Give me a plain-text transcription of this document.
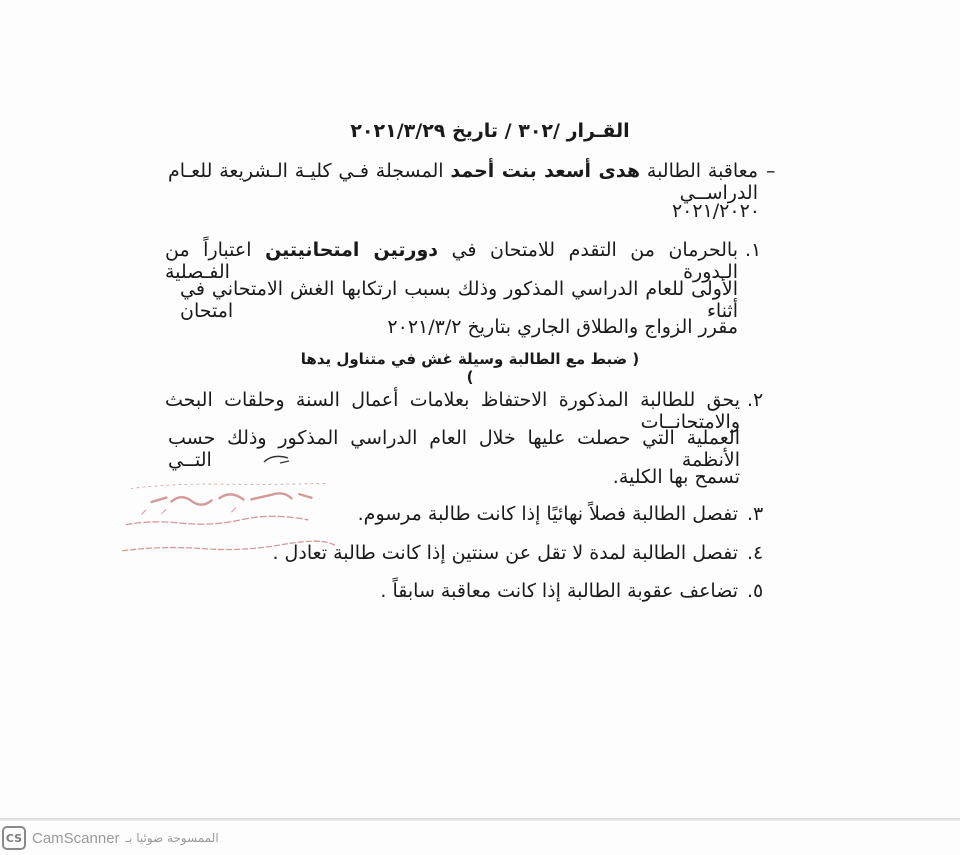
القـرار /٣٠٢ / تاريخ ٢٠٢١/٣/٢٩
–
معاقبة الطالبة هدى أسعد بنت أحمد المسجلة فـي كليـة الـشريعة للعـام الدراســي
٢٠٢١/٢٠٢٠
١.
بالحرمان من التقدم للامتحان في دورتين امتحانيتين اعتباراً من الـدورة الفـصلية
الأولى للعام الدراسي المذكور وذلك بسبب ارتكابها الغش الامتحاني في أثناء امتحان
مقرر الزواج والطلاق الجاري بتاريخ ٢٠٢١/٣/٢
( ضبط مع الطالبة وسيلة غش في متناول يدها )
٢.
يحق للطالبة المذكورة الاحتفاظ بعلامات أعمال السنة وحلقات البحث والامتحانــات
العملية التي حصلت عليها خلال العام الدراسي المذكور وذلك حسب الأنظمة التــي
تسمح بها الكلية.
٣.
تفصل الطالبة فصلاً نهائيًا إذا كانت طالبة مرسوم.
٤.
تفصل الطالبة لمدة لا تقل عن سنتين إذا كانت طالبة تعادل .
٥.
تضاعف عقوبة الطالبة إذا كانت معاقبة سابقاً .
CS CamScanner الممسوحة ضوئيا بـ
